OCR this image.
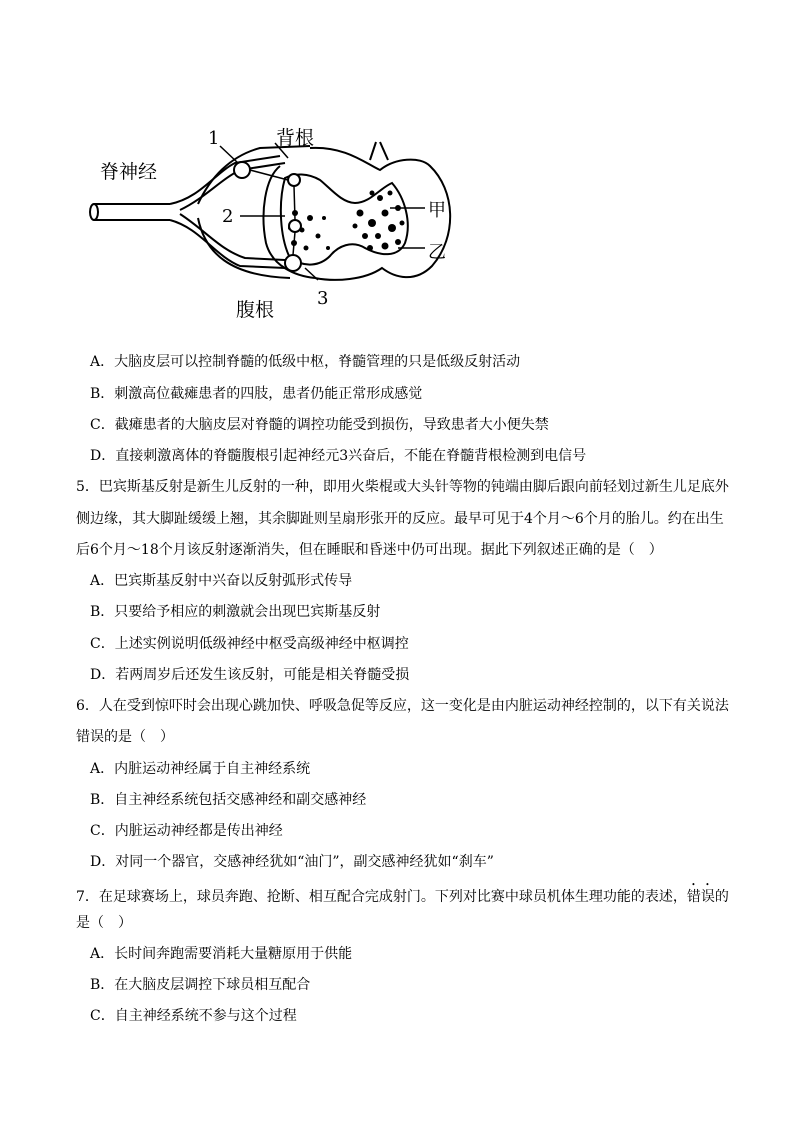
脊神经
背根
腹根
1
2
3
甲
乙
A．大脑皮层可以控制脊髓的低级中枢，脊髓管理的只是低级反射活动
B．刺激高位截瘫患者的四肢，患者仍能正常形成感觉
C．截瘫患者的大脑皮层对脊髓的调控功能受到损伤，导致患者大小便失禁
D．直接刺激离体的脊髓腹根引起神经元3兴奋后，不能在脊髓背根检测到电信号
5．巴宾斯基反射是新生儿反射的一种，即用火柴棍或大头针等物的钝端由脚后跟向前轻划过新生儿足底外
侧边缘，其大脚趾缓缓上翘，其余脚趾则呈扇形张开的反应。最早可见于4个月～6个月的胎儿。约在出生
后6个月～18个月该反射逐渐消失，但在睡眠和昏迷中仍可出现。据此下列叙述正确的是（　）
A．巴宾斯基反射中兴奋以反射弧形式传导
B．只要给予相应的刺激就会出现巴宾斯基反射
C．上述实例说明低级神经中枢受高级神经中枢调控
D．若两周岁后还发生该反射，可能是相关脊髓受损
6．人在受到惊吓时会出现心跳加快、呼吸急促等反应，这一变化是由内脏运动神经控制的，以下有关说法
错误的是（　）
A．内脏运动神经属于自主神经系统
B．自主神经系统包括交感神经和副交感神经
C．内脏运动神经都是传出神经
D．对同一个器官，交感神经犹如“油门”，副交感神经犹如“刹车”
7．在足球赛场上，球员奔跑、抢断、相互配合完成射门。下列对比赛中球员机体生理功能的表述，错误的
是（　）
A．长时间奔跑需要消耗大量糖原用于供能
B．在大脑皮层调控下球员相互配合
C．自主神经系统不参与这个过程
